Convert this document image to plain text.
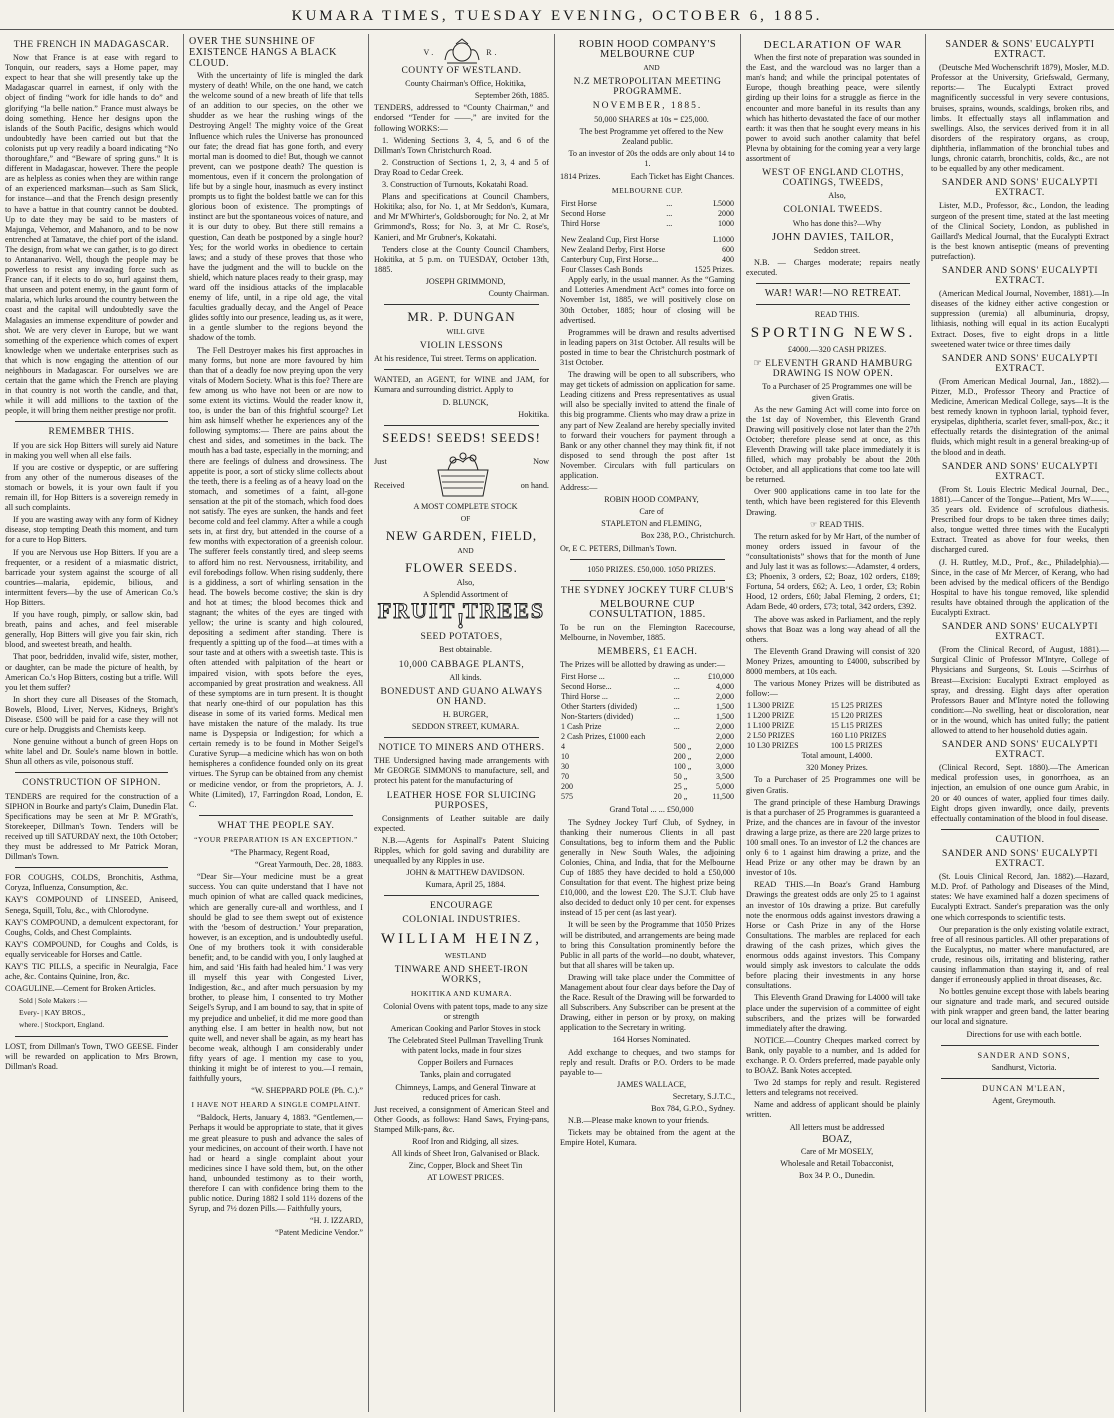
KUMARA TIMES, TUESDAY EVENING, OCTOBER 6, 1885.
THE FRENCH IN MADAGASCAR.

Now that France is at ease with regard to Tonquin, our readers, says a Home paper, may expect to hear that she will presently take up the Madagascar quarrel in earnest, if only with the object of finding “work for idle hands to do” and glorifying “la belle nation.” France must always be doing something. Hence her designs upon the islands of the South Pacific, designs which would undoubtedly have been carried out but that the colonists put up very readily a board indicating “No thoroughfare,” and “Beware of spring guns.” It is different in Madagascar, however. There the people are as helpless as conies when they are within range of an experienced marksman—such as Sam Slick, for instance—and that the French design presently to have a battue in that country cannot be doubted. Up to date they may be said to be masters of Majunga, Vehemor, and Mahanoro, and to be now entrenched at Tamatave, the chief port of the island. The design, from what we can gather, is to go direct to Antananarivo. Well, though the people may be powerless to resist any invading force such as France can, if it elects to do so, hurl against them, that unseen and potent enemy, in the gaunt form of malaria, which lurks around the country between the coast and the capital will undoubtedly save the Malagasies an immense expenditure of powder and shot. We are very clever in Europe, but we want something of the experience which comes of expert knowledge when we undertake enterprises such as that which is now engaging the attention of our neighbours in Madagascar. For ourselves we are certain that the game which the French are playing in that country is not worth the candle, and that, while it will add millions to the taxtion of the people, it will bring them neither prestige nor profit.

REMEMBER THIS.

If you are sick Hop Bitters will surely aid Nature in making you well when all else fails.

If you are costive or dyspeptic, or are suffering from any other of the numerous diseases of the stomach or bowels, it is your own fault if you remain ill, for Hop Bitters is a sovereign remedy in all such complaints.

If you are wasting away with any form of Kidney disease, stop tempting Death this moment, and turn for a cure to Hop Bitters.

If you are Nervous use Hop Bitters. If you are a frequenter, or a resident of a miasmatic district, barricade your system against the scourge of all countries—malaria, epidemic, bilious, and intermittent fevers—by the use of American Co.'s Hop Bitters.

If you have rough, pimply, or sallow skin, bad breath, pains and aches, and feel miserable generally, Hop Bitters will give you fair skin, rich blood, and sweetest breath, and health.

That poor, bedridden, invalid wife, sister, mother, or daughter, can be made the picture of health, by American Co.'s Hop Bitters, costing but a trifle. Will you let them suffer?

In short they cure all Diseases of the Stomach, Bowels, Blood, Liver, Nerves, Kidneys, Bright's Disease. £500 will be paid for a case they will not cure or help. Druggists and Chemists keep.

None genuine without a bunch of green Hops on white label and Dr. Soule's name blown in bottle. Shun all others as vile, poisonous stuff.

CONSTRUCTION OF SIPHON.

TENDERS are required for the construction of a SIPHON in Bourke and party's Claim, Dunedin Flat. Specifications may be seen at Mr P. M'Grath's, Storekeeper, Dillman's Town. Tenders will be received up till SATURDAY next, the 10th October; they must be addressed to Mr Patrick Moran, Dillman's Town.

FOR COUGHS, COLDS, Bronchitis, Asthma, Coryza, Influenza, Consumption, &c.

KAY'S COMPOUND of LINSEED, Aniseed, Senega, Squill, Tolu, &c., with Chlorodyne.

KAY'S COMPOUND, a demulcent expectorant, for Coughs, Colds, and Chest Complaints.

KAY'S COMPOUND, for Coughs and Colds, is equally serviceable for Horses and Cattle.

KAY'S TIC PILLS, a specific in Neuralgia, Face ache, &c. Contains Quinine, Iron, &c.

COAGULINE.—Cement for Broken Articles.

Sold | Sole Makers :—

Every- | KAY BROS.,

where. | Stockport, England.

LOST, from Dillman's Town, TWO GEESE. Finder will be rewarded on application to Mrs Brown, Dillman's Road.

OVER THE SUNSHINE OF EXISTENCE HANGS A BLACK CLOUD.

With the uncertainty of life is mingled the dark mystery of death! While, on the one hand, we catch the welcome sound of a new breath of life that tells of an addition to our species, on the other we shudder as we hear the rushing wings of the Destroying Angel! The mighty voice of the Great Influence which rules the Universe has pronounced our fate; the dread fiat has gone forth, and every mortal man is doomed to die! But, though we cannot prevent, can we postpone death? The question is momentous, even if it concern the prolongation of life but by a single hour, inasmuch as every instinct prompts us to fight the boldest battle we can for this glorious boon of existence. The promptings of instinct are but the spontaneous voices of nature, and it is our duty to obey. But there still remains a question, Can death be postponed by a single hour? Yes; for the world works in obedience to certain laws; and a study of these proves that those who have the judgment and the will to buckle on the shield, which nature places ready to their grasp, may ward off the insidious attacks of the implacable enemy of life, until, in a ripe old age, the vital faculties gradually decay, and the Angel of Peace glides softly into our presence, leading us, as it were, in a gentle slumber to the regions beyond the shadow of the tomb.

The Fell Destroyer makes his first approaches in many forms, but none are more favoured by him than that of a deadly foe now preying upon the very vitals of Modern Society. What is this foe? There are few among us who have not been or are now to some extent its victims. Would the reader know it, too, is under the ban of this frightful scourge? Let him ask himself whether he experiences any of the following symptoms:— There are pains about the chest and sides, and sometimes in the back. The mouth has a bad taste, especially in the morning; and there are feelings of dulness and drowsiness. The appetite is poor, a sort of sticky slime collects about the teeth, there is a feeling as of a heavy load on the stomach, and sometimes of a faint, all-gone sensation at the pit of the stomach, which food does not satisfy. The eyes are sunken, the hands and feet become cold and feel clammy. After a while a cough sets in, at first dry, but attended in the course of a few months with expectoration of a greenish colour. The sufferer feels constantly tired, and sleep seems to afford him no rest. Nervousness, irritability, and evil forebodings follow. When rising suddenly, there is a giddiness, a sort of whirling sensation in the head. The bowels become costive; the skin is dry and hot at times; the blood becomes thick and stagnant; the whites of the eyes are tinged with yellow; the urine is scanty and high coloured, depositing a sediment after standing. There is frequently a spitting up of the food—at times with a sour taste and at others with a sweetish taste. This is often attended with palpitation of the heart or impaired vision, with spots before the eyes, accompanied by great prostration and weakness. All of these symptoms are in turn present. It is thought that nearly one-third of our population has this disease in some of its varied forms. Medical men have mistaken the nature of the malady. Its true name is Dyspepsia or Indigestion; for which a certain remedy is to be found in Mother Seigel's Curative Syrup—a medicine which has won on both hemispheres a confidence founded only on its great virtues. The Syrup can be obtained from any chemist or medicine vendor, or from the proprietors, A. J. White (Limited), 17, Farringdon Road, London, E. C.

WHAT THE PEOPLE SAY.
“YOUR PREPARATION IS AN EXCEPTION.”

“The Pharmacy, Regent Road,

“Great Yarmouth, Dec. 28, 1883.

“Dear Sir—Your medicine must be a great success. You can quite understand that I have not much opinion of what are called quack medicines, which are generally cure-all and worthless, and I should be glad to see them swept out of existence with the ‘besom of destruction.’ Your preparation, however, is an exception, and is undoubtedly useful. One of my brothers took it with considerable benefit; and, to be candid with you, I only laughed at him, and said ‘His faith had healed him.’ I was very ill myself this year with Congested Liver, Indigestion, &c., and after much persuasion by my brother, to please him, I consented to try Mother Seigel's Syrup, and I am bound to say, that in spite of my prejudice and unbelief, it did me more good than anything else. I am better in health now, but not quite well, and never shall be again, as my heart has become weak, although I am considerably under fifty years of age. I mention my case to you, thinking it might be of interest to you.—I remain, faithfully yours,

“W. SHEPPARD POLE (Ph. C.).”

I HAVE NOT HEARD A SINGLE COMPLAINT.

“Baldock, Herts, January 4, 1883. “Gentlemen,—Perhaps it would be appropriate to state, that it gives me great pleasure to push and advance the sales of your medicines, on account of their worth. I have not had or heard a single complaint about your medicines since I have sold them, but, on the other hand, unbounded testimony as to their worth, therefore I can with confidence bring them to the public notice. During 1882 I sold 11½ dozens of the Syrup, and 7½ dozen Pills.— Faithfully yours,

“H. J. IZZARD,

“Patent Medicine Vendor.”

V.          R.
COUNTY OF WESTLAND.

County Chairman's Office, Hokitika,

September 26th, 1885.

TENDERS, addressed to “County Chairman,” and endorsed “Tender for ——,” are invited for the following WORKS:—

1. Widening Sections 3, 4, 5, and 6 of the Dillman's Town Christchurch Road.

2. Construction of Sections 1, 2, 3, 4 and 5 of Dray Road to Cedar Creek.

3. Construction of Turnouts, Kokatahi Road.

Plans and specifications at Council Chambers, Hokitika; also, for No. 1, at Mr Seddon's, Kumara, and Mr M'Whirter's, Goldsborough; for No. 2, at Mr Grimmond's, Ross; for No. 3, at Mr C. Rose's, Kanieri, and Mr Grubner's, Kokatahi.

Tenders close at the County Council Chambers, Hokitika, at 5 p.m. on TUESDAY, October 13th, 1885.

JOSEPH GRIMMOND,

County Chairman.

MR. P. DUNGAN

WILL GIVE

VIOLIN LESSONS

At his residence, Tui street. Terms on application.

WANTED, an AGENT, for WINE and JAM, for Kumara and surrounding district. Apply to

D. BLUNCK,

Hokitika.

SEEDS! SEEDS! SEEDS!
Just
Received
Now
on hand.

A MOST COMPLETE STOCK

OF

NEW GARDEN, FIELD,

AND

FLOWER SEEDS.

Also,

A Splendid Assortment of

FRUIT TREES !
SEED POTATOES,

Best obtainable.

10,000 CABBAGE PLANTS,

All kinds.

BONEDUST AND GUANO ALWAYS ON HAND.

H. BURGER,

SEDDON STREET, KUMARA.

NOTICE TO MINERS AND OTHERS.

THE Undersigned having made arrangements with Mr GEORGE SIMMONS to manufacture, sell, and protect his patent for the manufacturing of

LEATHER HOSE FOR SLUICING PURPOSES,

Consignments of Leather suitable are daily expected.

N.B.—Agents for Aspinall's Patent Sluicing Ripples, which for gold saving and durability are unequalled by any Ripples in use.

JOHN & MATTHEW DAVIDSON.

Kumara, April 25, 1884.

ENCOURAGE
COLONIAL INDUSTRIES.
WILLIAM HEINZ,

WESTLAND

TINWARE AND SHEET-IRON WORKS,
HOKITIKA AND KUMARA.

Colonial Ovens with patent tops, made to any size or strength

American Cooking and Parlor Stoves in stock

The Celebrated Steel Pullman Travelling Trunk with patent locks, made in four sizes

Copper Boilers and Furnaces

Tanks, plain and corrugated

Chimneys, Lamps, and General Tinware at reduced prices for cash.

Just received, a consignment of American Steel and Other Goods, as follows: Hand Saws, Frying-pans, Stamped Milk-pans, &c.

Roof Iron and Ridging, all sizes.

All kinds of Sheet Iron, Galvanised or Black.

Zinc, Copper, Block and Sheet Tin

AT LOWEST PRICES.

ROBIN HOOD COMPANY'S MELBOURNE CUP

AND

N.Z METROPOLITAN MEETING PROGRAMME.
NOVEMBER, 1885.

50,000 SHARES at 10s = £25,000.

The best Programme yet offered to the New Zealand public.

To an investor of 20s the odds are only about 14 to 1.

1814 Prizes.	Each Ticket has Eight Chances.
MELBOURNE CUP.
First Horse	...	L5000
Second Horse	...	2000
Third Horse	...	1000
New Zealand Cup, First Horse	L1000
New Zealand Derby, First Horse	600
Canterbury Cup, First Horse...	400
Four Classes Cash Bonds	1525 Prizes.

Apply early, in the usual manner. As the “Gaming and Lotteries Amendment Act” comes into force on November 1st, 1885, we will positively close on 30th October, 1885; hour of closing will be advertised.

Programmes will be drawn and results advertised in leading papers on 31st October. All results will be posted in time to bear the Christchurch postmark of 31st October.

The drawing will be open to all subscribers, who may get tickets of admission on application for same. Leading citizens and Press representatives as usual will also be specially invited to attend the finale of this big programme. Clients who may draw a prize in any part of New Zealand are hereby specially invited to forward their vouchers for payment through a Bank or any other channel they may think fit, if not disposed to send through the post after 1st November. Circulars with full particulars on application.

Address:—

ROBIN HOOD COMPANY,

Care of

STAPLETON and FLEMING,

Box 238, P.O., Christchurch.

Or, E C. PETERS, Dillman's Town.

1050 PRIZES. £50,000. 1050 PRIZES.

THE SYDNEY JOCKEY TURF CLUB'S
MELBOURNE CUP CONSULTATION, 1885.

To be run on the Flemington Racecourse, Melbourne, in November, 1885.

MEMBERS, £1 EACH.

The Prizes will be allotted by drawing as under:—

First Horse ...	...	£10,000
Second Horse...	...	4,000
Third Horse ...	...	2,000
Other Starters (divided)	...	1,500
Non-Starters (divided)	...	1,500
1 Cash Prize	...	2,000
2 Cash Prizes, £1000 each		2,000
4	500 „	2,000
10	200 „	2,000
30	100 „	3,000
70	50 „	3,500
200	25 „	5,000
575	20 „	11,500

Grand Total ... ... £50,000

The Sydney Jockey Turf Club, of Sydney, in thanking their numerous Clients in all past Consultations, beg to inform them and the Public generally in New South Wales, the adjoining Colonies, China, and India, that for the Melbourne Cup of 1885 they have decided to hold a £50,000 Consultation for that event. The highest prize being £10,000, and the lowest £20. The S.J.T. Club have also decided to deduct only 10 per cent. for expenses instead of 15 per cent (as last year).

It will be seen by the Programme that 1050 Prizes will be distributed, and arrangements are being made to bring this Consultation prominently before the Public in all parts of the world—no doubt, whatever, but that all shares will be taken up.

Drawing will take place under the Committee of Management about four clear days before the Day of the Race. Result of the Drawing will be forwarded to all Subscribers. Any Subscriber can be present at the Drawing, either in person or by proxy, on making application to the Secretary in writing.

164 Horses Nominated.

Add exchange to cheques, and two stamps for reply and result. Drafts or P.O. Orders to be made payable to—

JAMES WALLACE,

Secretary, S.J.T.C.,

Box 784, G.P.O., Sydney.

N.B.—Please make known to your friends.

Tickets may be obtained from the agent at the Empire Hotel, Kumara.

DECLARATION OF WAR

When the first note of preparation was sounded in the East, and the warcloud was no larger than a man's hand; and while the principal potentates of Europe, though breathing peace, were silently girding up their loins for a struggle as fierce in the encounter and more baneful in its results than any which has hitherto devastated the face of our mother earth: it was then that he sought every means in his power to avoid such another calamity that befel Plevna by obtaining for the coming year a very large assortment of

WEST OF ENGLAND CLOTHS, COATINGS, TWEEDS,

Also,

COLONIAL TWEEDS.

Who has done this?—Why

JOHN DAVIES, TAILOR,

Seddon street.

N.B. — Charges moderate; repairs neatly executed.

WAR! WAR!—NO RETREAT.

READ THIS.

SPORTING NEWS.

£4000.—320 CASH PRIZES.

☞ ELEVENTH GRAND HAMBURG DRAWING IS NOW OPEN.

To a Purchaser of 25 Programmes one will be given Gratis.

As the new Gaming Act will come into force on the 1st day of November, this Eleventh Grand Drawing will positively close not later than the 27th October; therefore please send at once, as this Eleventh Drawing will take place immediately it is filled, which may probably be about the 20th October, and all applications that come too late will be returned.

Over 900 applications came in too late for the tenth, which have been registered for this Eleventh Drawing.

☞ READ THIS.

The return asked for by Mr Hart, of the number of money orders issued in favour of the “consultationists” shows that for the month of June and July last it was as follows:—Adamster, 4 orders, £3; Phoenix, 3 orders, £2; Boaz, 102 orders, £189; Fortuna, 54 orders, £62; A. Leo, 1 order, £3; Robin Hood, 12 orders, £60; Jabal Fleming, 2 orders, £1; Adam Bede, 40 orders, £73; total, 342 orders, £392.

The above was asked in Parliament, and the reply shows that Boaz was a long way ahead of all the others.

The Eleventh Grand Drawing will consist of 320 Money Prizes, amounting to £4000, subscribed by 8000 members, at 10s each.

The various Money Prizes will be distributed as follow:—

1 L300 PRIZE	15 L25 PRIZES
1 L200 PRIZE	15 L20 PRIZES
1 L100 PRIZE	15 L15 PRIZES
2 L50 PRIZES	160 L10 PRIZES
10 L30 PRIZES	100 L5 PRIZES

Total amount, L4000.

320 Money Prizes.

To a Purchaser of 25 Programmes one will be given Gratis.

The grand principle of these Hamburg Drawings is that a purchaser of 25 Programmes is guaranteed a Prize, and the chances are in favour of the investor drawing a large prize, as there are 220 large prizes to 100 small ones. To an investor of L2 the chances are only 6 to 1 against him drawing a prize, and the Head Prize or any other may be drawn by an investor of 10s.

READ THIS.—In Boaz's Grand Hamburg Drawings the greatest odds are only 25 to 1 against an investor of 10s drawing a prize. But carefully note the enormous odds against investors drawing a Horse or Cash Prize in any of the Horse Consultations. The marbles are replaced for each drawing of the cash prizes, which gives the enormous odds against investors. This Company would simply ask investors to calculate the odds before placing their investments in any horse consultations.

This Eleventh Grand Drawing for L4000 will take place under the supervision of a committee of eight subscribers, and the prizes will be forwarded immediately after the drawing.

NOTICE.—Country Cheques marked correct by Bank, only payable to a number, and 1s added for exchange. P. O. Orders preferred, made payable only to BOAZ. Bank Notes accepted.

Two 2d stamps for reply and result. Registered letters and telegrams not received.

Name and address of applicant should be plainly written.

All letters must be addressed

BOAZ,

Care of Mr MOSELY,

Wholesale and Retail Tobacconist,

Box 34 P. O., Dunedin.

SANDER & SONS' EUCALYPTI EXTRACT.

(Deutsche Med Wochenschrift 1879), Mosler, M.D. Professor at the University, Griefswald, Germany, reports:— The Eucalypti Extract proved magnificently successful in very severe contusions, bruises, sprains, wounds, scaldings, broken ribs, and limbs. It effectually stays all inflammation and swellings. Also, the services derived from it in all disorders of the respiratory organs, as croup, diphtheria, inflammation of the bronchial tubes and lungs, chronic catarrh, bronchitis, colds, &c., are not to be equalled by any other medicament.

SANDER AND SONS' EUCALYPTI EXTRACT.

Lister, M.D., Professor, &c., London, the leading surgeon of the present time, stated at the last meeting of the Clinical Society, London, as published in Gaillard's Medical Journal, that the Eucalypti Extract is the best known antiseptic (means of preventing putrefaction).

SANDER AND SONS' EUCALYPTI EXTRACT.

(American Medical Journal, November, 1881).—In diseases of the kidney either active congestion or suppression (uremia) all albuminuria, dropsy, lithiasis, nothing will equal in its action Eucalypti Extract. Doses, five to eight drops in a little sweetened water twice or three times daily

SANDER AND SONS' EUCALYPTI EXTRACT.

(From American Medical Journal, Jan., 1882).—Pitzer, M.D., Professor Theory and Practice of Medicine, American Medical College, says—It is the best remedy known in typhoon larial, typhoid fever, erysipelas, diphtheria, scarlet fever, small-pox, &c.; it effectually retards the disintegration of the animal fluids, which might result in a general breaking-up of the blood and in death.

SANDER AND SONS' EUCALYPTI EXTRACT.

(From St. Louis Electric Medical Journal, Dec., 1881).—Cancer of the Tongue—Patient, Mrs W——, 35 years old. Evidence of scrofulous diathesis. Prescribed four drops to be taken three times daily; also, tongue wetted three times with the Eucalypti Extract. Treated as above for four weeks, then discharged cured.

(J. H. Ruttley, M.D., Prof., &c., Philadelphia).—Since, in the case of Mr Mercer, of Kerang, who had been advised by the medical officers of the Bendigo Hospital to have his tongue removed, like splendid results have obtained through the application of the Eucalypti Extract.

SANDER AND SONS' EUCALYPTI EXTRACT.

(From the Clinical Record, of August, 1881).—Surgical Clinic of Professor M'Intyre, College of Physicians and Surgeons, St. Louis —Scirrhus of Breast—Excision: Eucalypti Extract employed as spray, and dressing. Eight days after operation Professors Bauer and M'Intyre noted the following condition:—No swelling, heat or discoloration, near or in the wound, which has united fully; the patient allowed to attend to her household duties again.

SANDER AND SONS' EUCALYPTI EXTRACT.

(Clinical Record, Sept. 1880).—The American medical profession uses, in gonorrhoea, as an injection, an emulsion of one ounce gum Arabic, in 20 or 40 ounces of water, applied four times daily. Eight drops given inwardly, once daily, prevents effectually contamination of the blood in foul disease.

CAUTION.
SANDER AND SONS' EUCALYPTI EXTRACT.

(St. Louis Clinical Record, Jan. 1882).—Hazard, M.D. Prof. of Pathology and Diseases of the Mind, states: We have examined half a dozen specimens of Eucalypti Extract. Sander's preparation was the only one which corresponds to scientific tests.

Our preparation is the only existing volatile extract, free of all resinous particles. All other preparations of the Eucalyptus, no matter where manufactured, are crude, resinous oils, irritating and blistering, rather causing inflammation than staying it, and of real danger if erroneously applied in throat diseases, &c.

No bottles genuine except those with labels bearing our signature and trade mark, and secured outside with pink wrapper and green band, the latter bearing our local and signature.

Directions for use with each bottle.

SANDER AND SONS,

Sandhurst, Victoria.

DUNCAN M'LEAN,

Agent, Greymouth.
